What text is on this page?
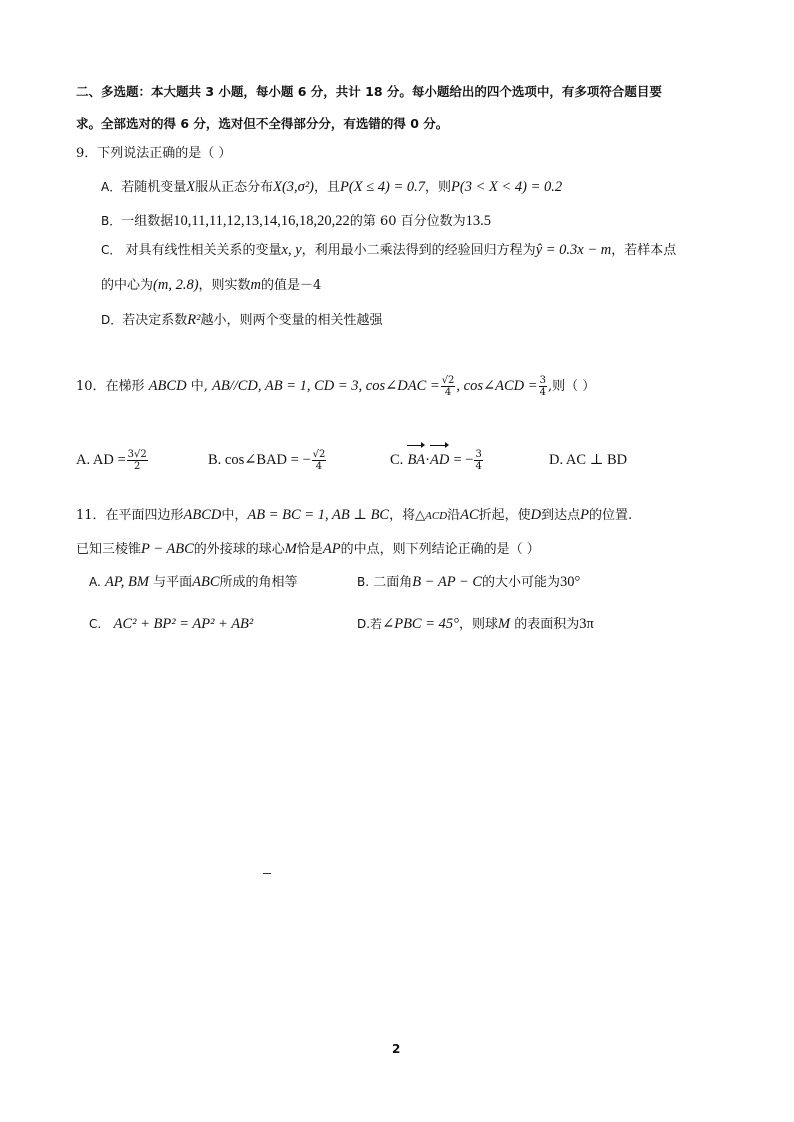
二、多选题：本大题共 3 小题，每小题 6 分，共计 18 分。每小题给出的四个选项中，有多项符合题目要
求。全部选对的得 6 分，选对但不全得部分分，有选错的得 0 分。
9．下列说法正确的是（ ）
A．若随机变量X服从正态分布X(3,σ²)，且P(X ≤ 4) = 0.7，则P(3 < X < 4) = 0.2
B．一组数据10,11,11,12,13,14,16,18,20,22的第 60 百分位数为13.5
C． 对具有线性相关关系的变量x, y，利用最小二乘法得到的经验回归方程为ŷ = 0.3x − m，若样本点
的中心为(m, 2.8)，则实数m的值是－4
D．若决定系数R²越小，则两个变量的相关性越强
10．在梯形 ABCD 中, AB//CD, AB = 1, CD = 3, cos∠DAC = $\frac{√2}{4}$ , cos∠ACD = $\frac{3}{4}$ ,则（ ）
A. AD = $\frac{3√2}{2}$	B. cos∠BAD = − $\frac{√2}{4}$	C. BA·AD = − $\frac{3}{4}$	D. AC ⊥ BD
11．在平面四边形ABCD中，AB = BC = 1, AB ⊥ BC，将△ACD沿AC折起，使D到达点P的位置.
已知三棱锥P − ABC的外接球的球心M恰是AP的中点，则下列结论正确的是（ ）
A. AP, BM 与平面ABC所成的角相等	B. 二面角B − AP − C的大小可能为30°
C. AC² + BP² = AP² + AB²	D.若∠PBC = 45°，则球M 的表面积为3π
2
